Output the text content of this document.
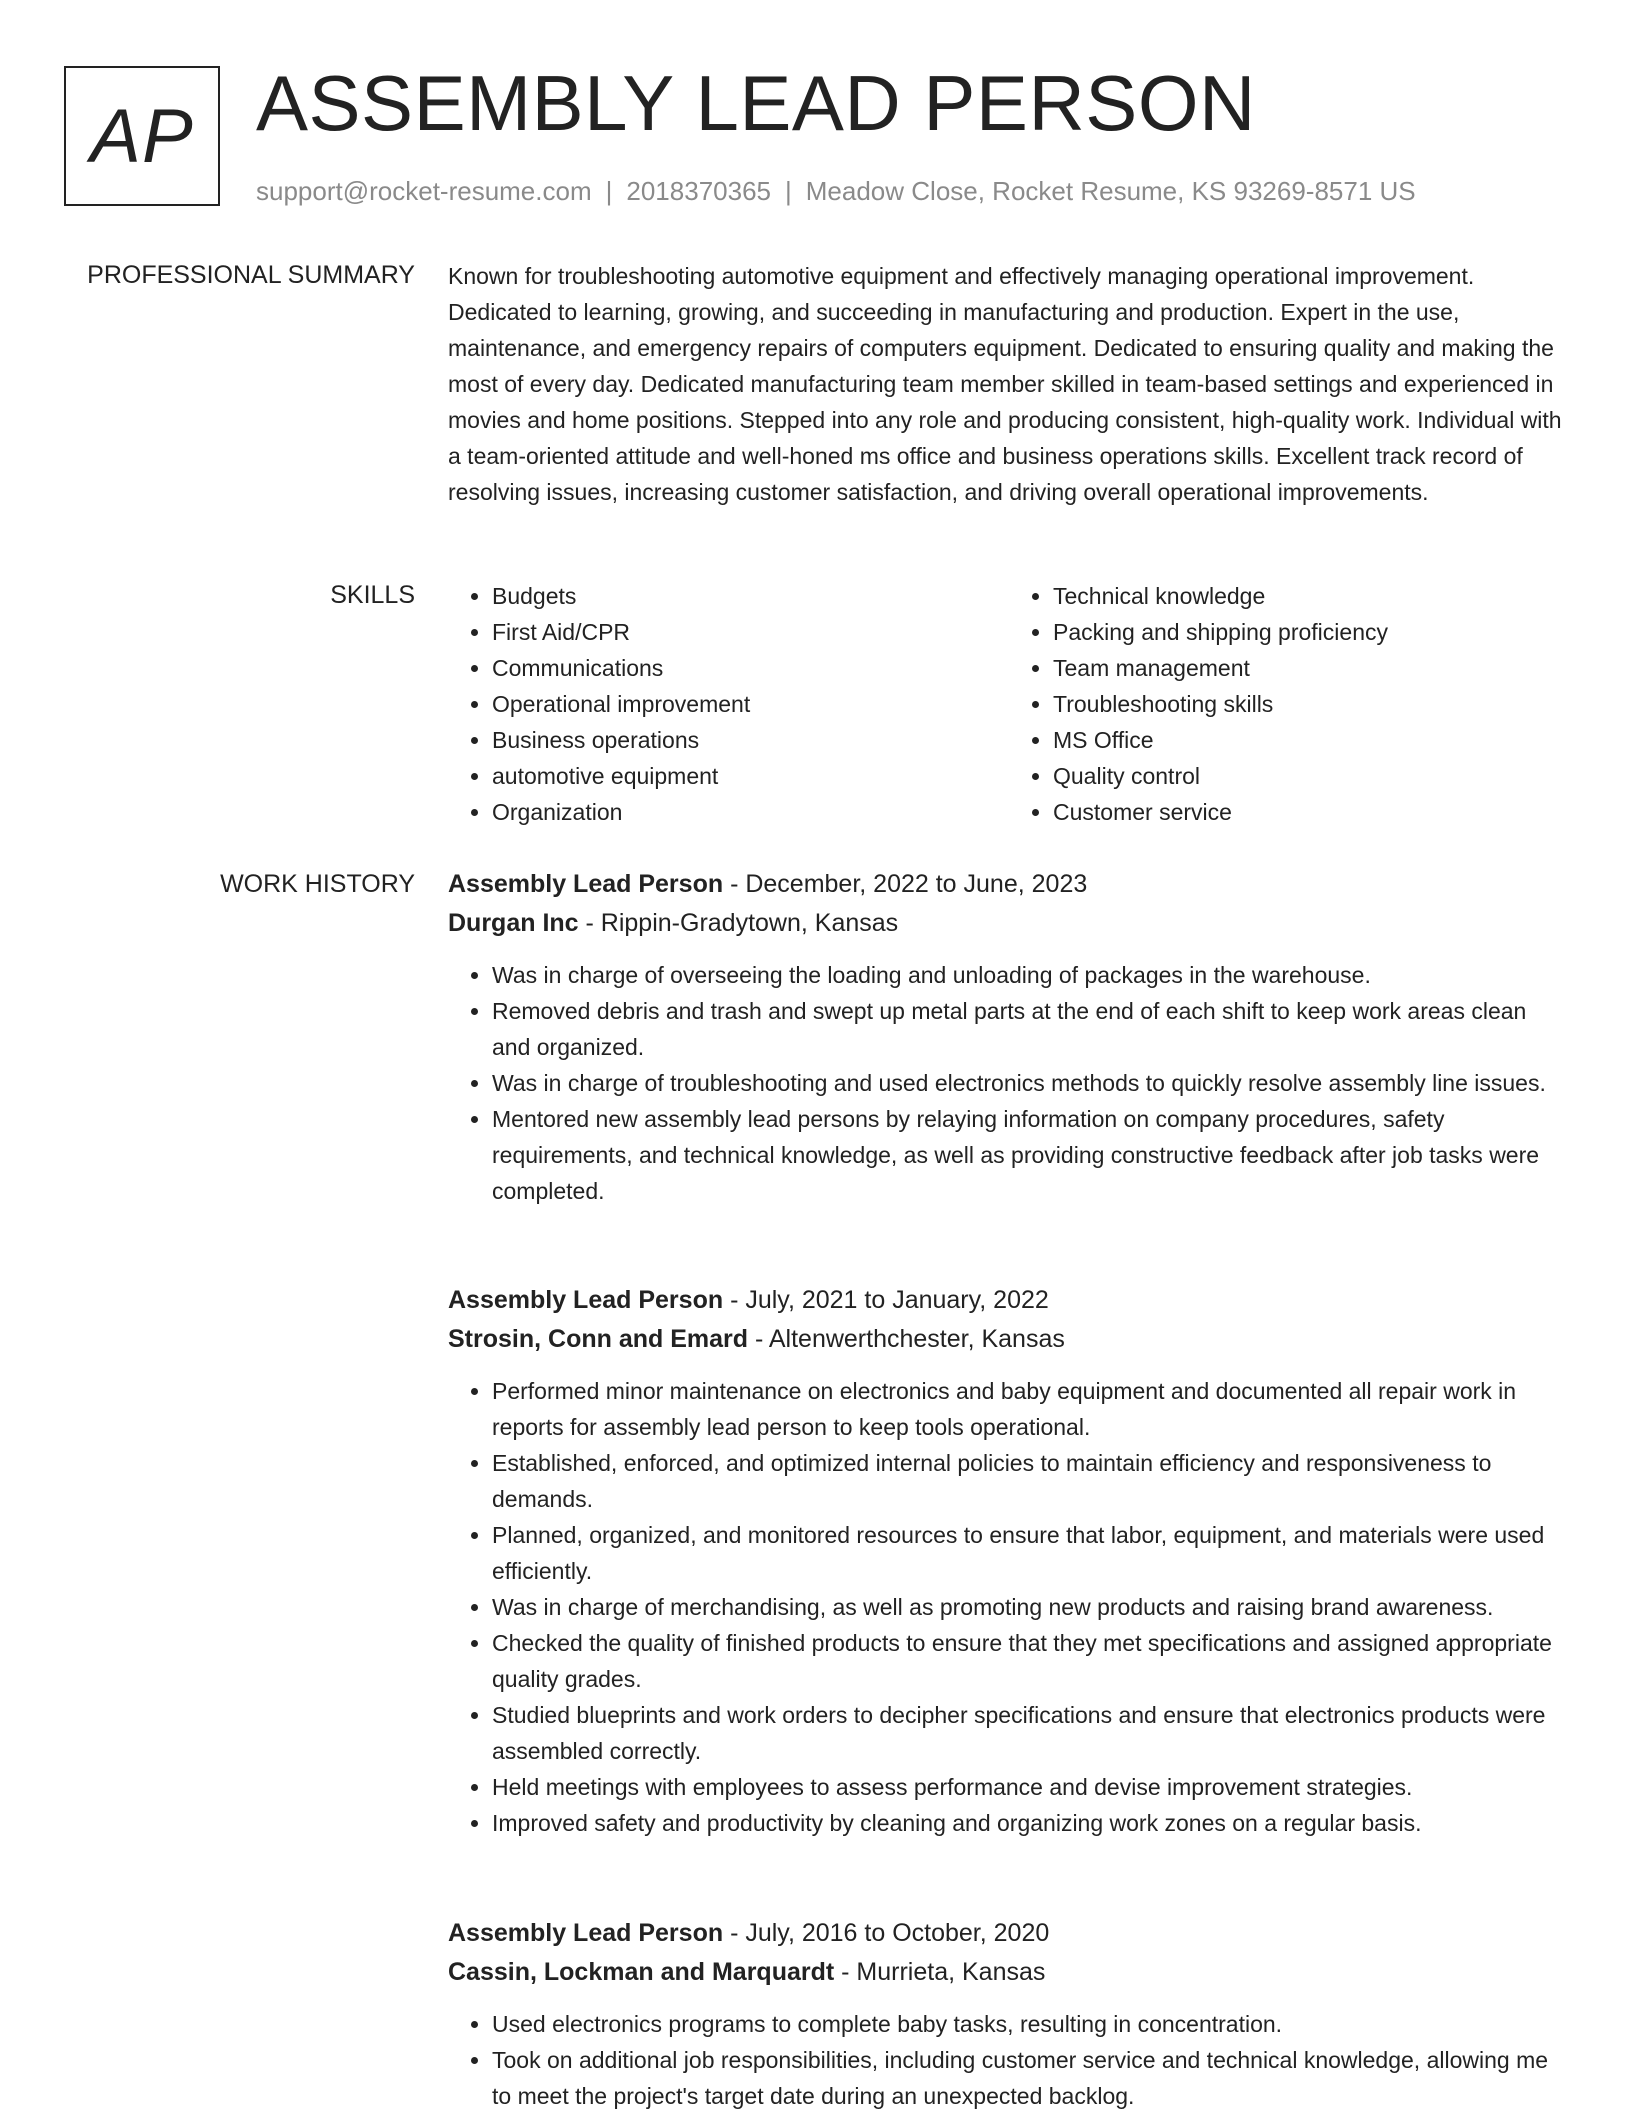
AP ASSEMBLY LEAD PERSON
support@rocket-resume.com | 2018370365 | Meadow Close, Rocket Resume, KS 93269-8571 US
PROFESSIONAL SUMMARY Known for troubleshooting automotive equipment and effectively managing operational improvement. Dedicated to learning, growing, and succeeding in manufacturing and production. Expert in the use, maintenance, and emergency repairs of computers equipment. Dedicated to ensuring quality and making the most of every day. Dedicated manufacturing team member skilled in team-based settings and experienced in movies and home positions. Stepped into any role and producing consistent, high-quality work. Individual with a team-oriented attitude and well-honed ms office and business operations skills. Excellent track record of resolving issues, increasing customer satisfaction, and driving overall operational improvements.

SKILLS
•	Budgets
• First Aid/CPR
• Communications
• Operational improvement
• Business operations
• automotive equipment
• Organization
• Technical knowledge
• Packing and shipping proficiency
• Team management
• Troubleshooting skills
• MS Office
• Quality control
• Customer service
WORK HISTORY Assembly Lead Person - December, 2022 to June, 2023
Durgan Inc - Rippin-Gradytown, Kansas
• Was in charge of overseeing the loading and unloading of packages in the warehouse.
• Removed debris and trash and swept up metal parts at the end of each shift to keep work areas clean and organized.
• Was in charge of troubleshooting and used electronics methods to quickly resolve assembly line issues.
• Mentored new assembly lead persons by relaying information on company procedures, safety requirements, and technical knowledge, as well as providing constructive feedback after job tasks were completed.
Assembly Lead Person - July, 2021 to January, 2022
Strosin, Conn and Emard - Altenwerthchester, Kansas
• Performed minor maintenance on electronics and baby equipment and documented all repair work in reports for assembly lead person to keep tools operational.
• Established, enforced, and optimized internal policies to maintain efficiency and responsiveness to demands.
• Planned, organized, and monitored resources to ensure that labor, equipment, and materials were used efficiently.
• Was in charge of merchandising, as well as promoting new products and raising brand awareness.
• Checked the quality of finished products to ensure that they met specifications and assigned appropriate quality grades.
• Studied blueprints and work orders to decipher specifications and ensure that electronics products were assembled correctly.
• Held meetings with employees to assess performance and devise improvement strategies.
• Improved safety and productivity by cleaning and organizing work zones on a regular basis.
Assembly Lead Person - July, 2016 to October, 2020
Cassin, Lockman and Marquardt - Murrieta, Kansas
• Used electronics programs to complete baby tasks, resulting in concentration.
• Took on additional job responsibilities, including customer service and technical knowledge, allowing me to meet the project's target date during an unexpected backlog.
